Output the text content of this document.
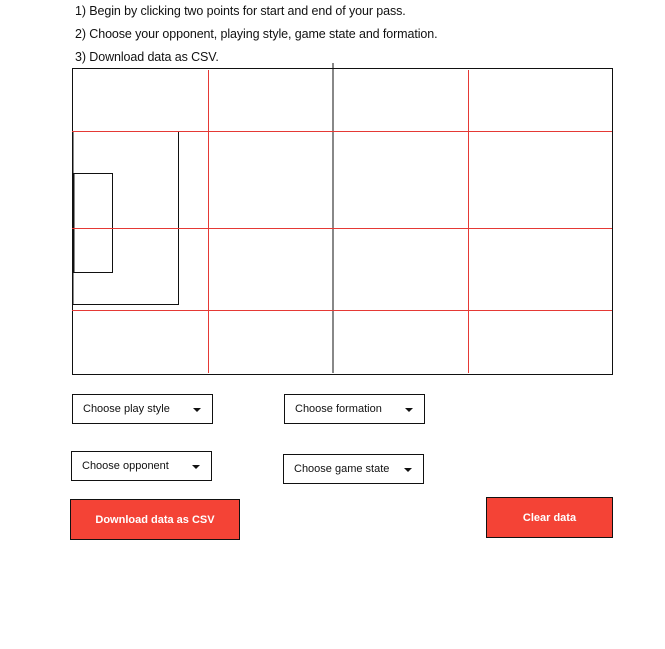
1) Begin by clicking two points for start and end of your pass.
2) Choose your opponent, playing style, game state and formation.
3) Download data as CSV.
Choose play style	Choose formation
Choose opponent	Choose game state
Download data as CSV	Clear data
